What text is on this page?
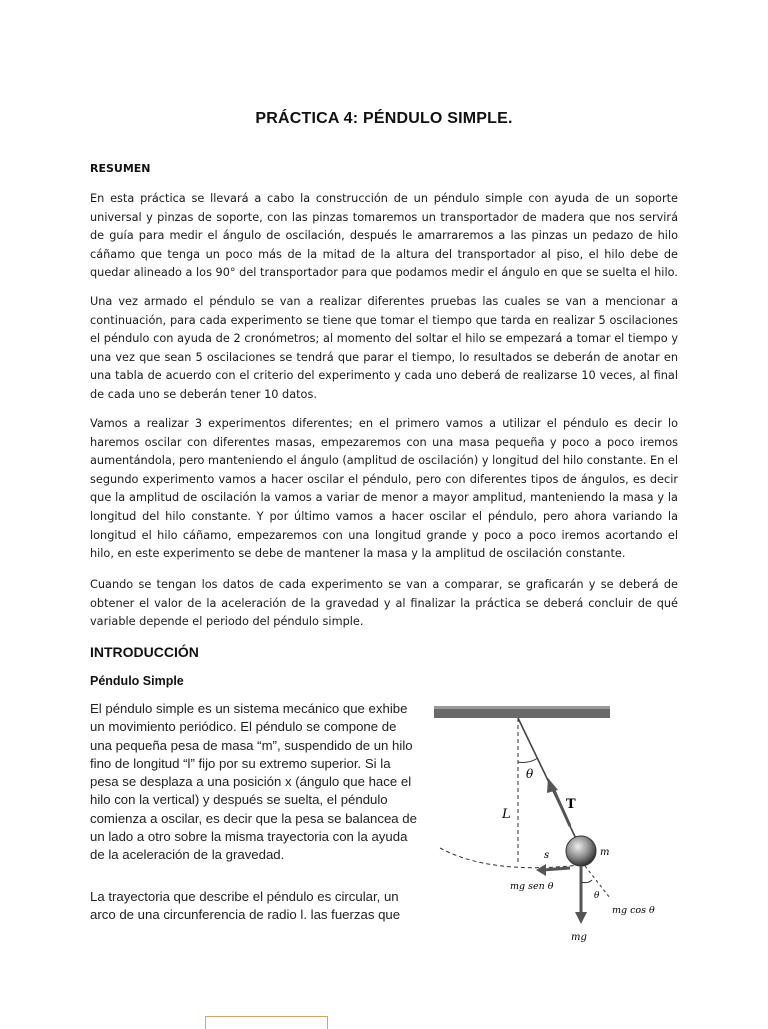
PRÁCTICA 4: PÉNDULO SIMPLE.
RESUMEN

En esta práctica se llevará a cabo la construcción de un péndulo simple con ayuda de un soporte universal y pinzas de soporte, con las pinzas tomaremos un transportador de madera que nos servirá de guía para medir el ángulo de oscilación, después le amarraremos a las pinzas un pedazo de hilo cáñamo que tenga un poco más de la mitad de la altura del transportador al piso, el hilo debe de quedar alineado a los 90° del transportador para que podamos medir el ángulo en que se suelta el hilo.

Una vez armado el péndulo se van a realizar diferentes pruebas las cuales se van a mencionar a continuación, para cada experimento se tiene que tomar el tiempo que tarda en realizar 5 oscilaciones el péndulo con ayuda de 2 cronómetros; al momento del soltar el hilo se empezará a tomar el tiempo y una vez que sean 5 oscilaciones se tendrá que parar el tiempo, lo resultados se deberán de anotar en una tabla de acuerdo con el criterio del experimento y cada uno deberá de realizarse 10 veces, al final de cada uno se deberán tener 10 datos.

Vamos a realizar 3 experimentos diferentes; en el primero vamos a utilizar el péndulo es decir lo haremos oscilar con diferentes masas, empezaremos con una masa pequeña y poco a poco iremos aumentándola, pero manteniendo el ángulo (amplitud de oscilación) y longitud del hilo constante. En el segundo experimento vamos a hacer oscilar el péndulo, pero con diferentes tipos de ángulos, es decir que la amplitud de oscilación la vamos a variar de menor a mayor amplitud, manteniendo la masa y la longitud del hilo constante. Y por último vamos a hacer oscilar el péndulo, pero ahora variando la longitud el hilo cáñamo, empezaremos con una longitud grande y poco a poco iremos acortando el hilo, en este experimento se debe de mantener la masa y la amplitud de oscilación constante.

Cuando se tengan los datos de cada experimento se van a comparar, se graficarán y se deberá de obtener el valor de la aceleración de la gravedad y al finalizar la práctica se deberá concluir de qué variable depende el periodo del péndulo simple.

INTRODUCCIÓN
Péndulo Simple

El péndulo simple es un sistema mecánico que exhibe un movimiento periódico. El péndulo se compone de una pequeña pesa de masa “m”, suspendido de un hilo fino de longitud “l” fijo por su extremo superior. Si la pesa se desplaza a una posición x (ángulo que hace el hilo con la vertical) y después se suelta, el péndulo comienza a oscilar, es decir que la pesa se balancea de un lado a otro sobre la misma trayectoria con la ayuda de la aceleración de la gravedad.

La trayectoria que describe el péndulo es circular, un arco de una circunferencia de radio l. las fuerzas que

θ
T
L
s	m
mg sen θ
θ
mg cos θ
mg
